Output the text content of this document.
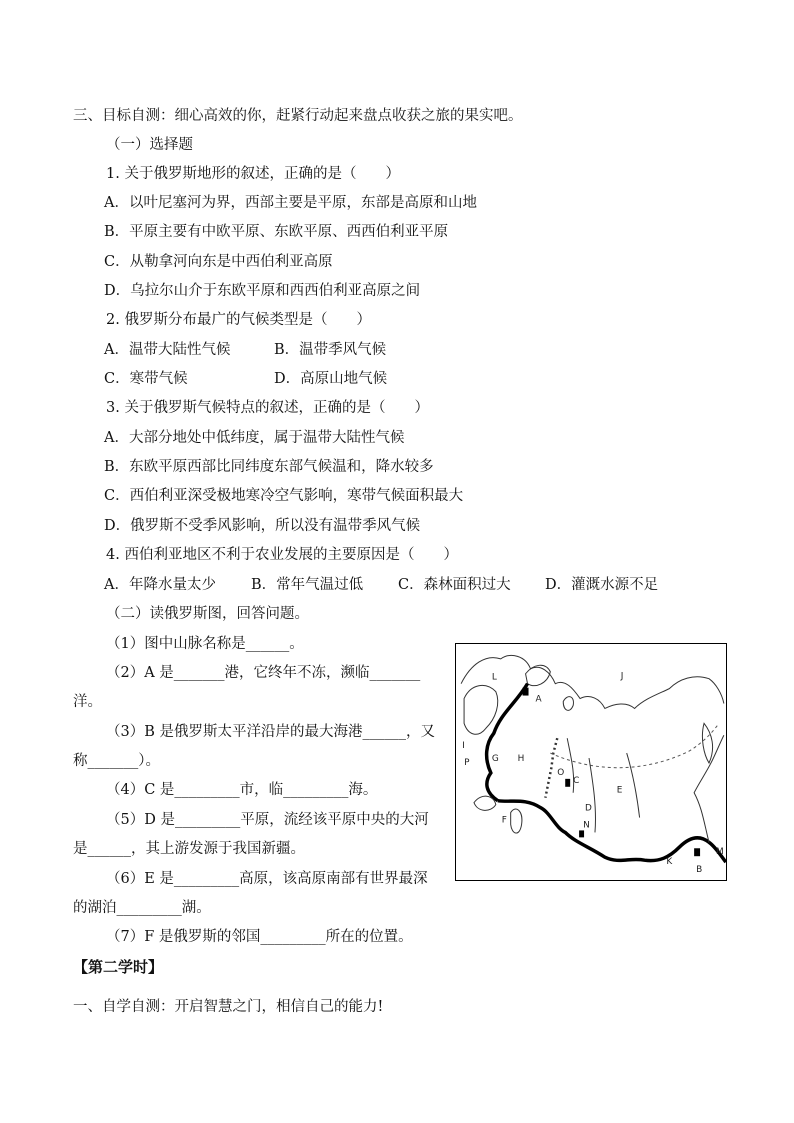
三、目标自测：细心高效的你，赶紧行动起来盘点收获之旅的果实吧。
（一）选择题
1. 关于俄罗斯地形的叙述，正确的是（　　）
A．以叶尼塞河为界，西部主要是平原，东部是高原和山地
B．平原主要有中欧平原、东欧平原、西西伯利亚平原
C．从勒拿河向东是中西伯利亚高原
D．乌拉尔山介于东欧平原和西西伯利亚高原之间
2. 俄罗斯分布最广的气候类型是（　　）
A．温带大陆性气候	B．温带季风气候
C．寒带气候	D．高原山地气候
3. 关于俄罗斯气候特点的叙述，正确的是（　　）
A．大部分地处中低纬度，属于温带大陆性气候
B．东欧平原西部比同纬度东部气候温和，降水较多
C．西伯利亚深受极地寒冷空气影响，寒带气候面积最大
D．俄罗斯不受季风影响，所以没有温带季风气候
4. 西伯利亚地区不利于农业发展的主要原因是（　　）
A．年降水量太少 B．常年气温过低 C．森林面积过大 D．灌溉水源不足
（二）读俄罗斯图，回答问题。
（1）图中山脉名称是______。
（2）A 是_______港，它终年不冻，濒临_______
洋。
（3）B 是俄罗斯太平洋沿岸的最大海港______，又
称_______）。
（4）C 是_________市，临_________海。
（5）D 是_________平原，流经该平原中央的大河
是______，其上游发源于我国新疆。
（6）E 是_________高原，该高原南部有世界最深
的湖泊_________湖。
（7）F 是俄罗斯的邻国_________所在的位置。
【第二学时】
一、自学自测：开启智慧之门，相信自己的能力!
A
B
C
D
E
F
G H
I
J
K
L
M
N
O
P
